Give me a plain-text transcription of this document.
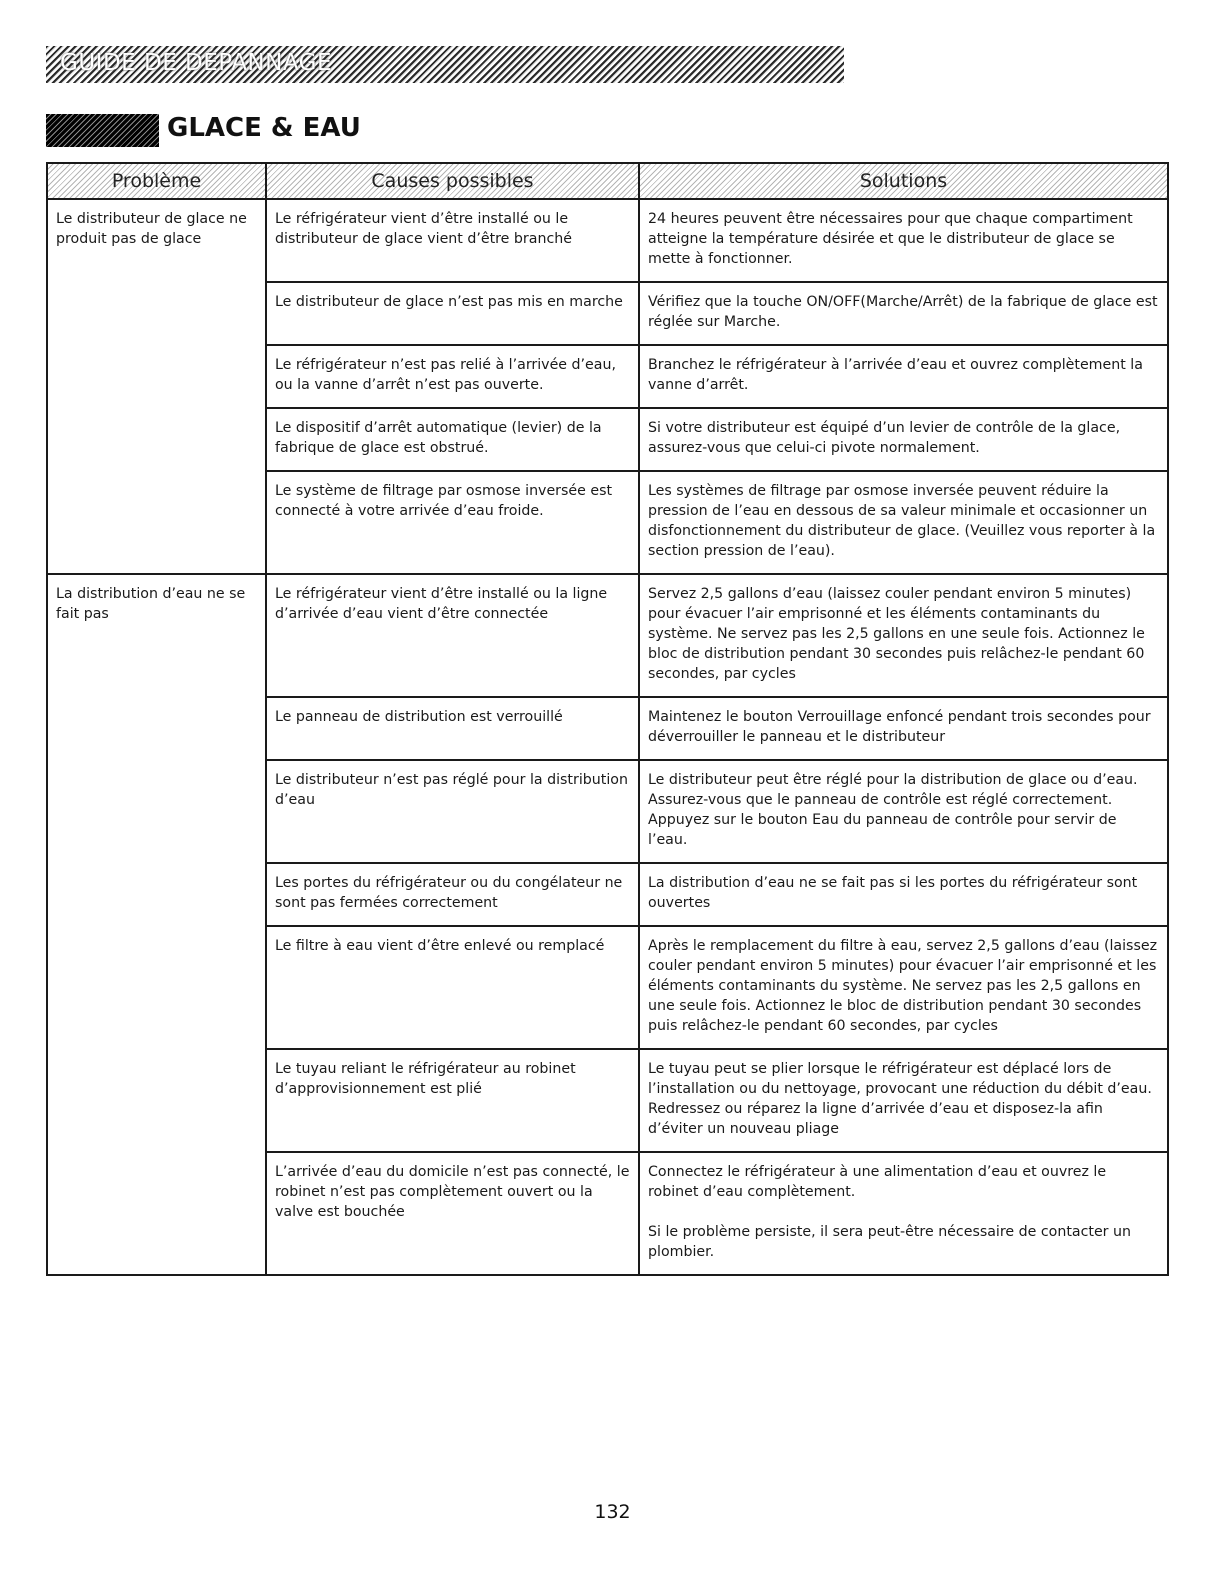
GUIDE DE DÉPANNAGE
GLACE & EAU
Problème	Causes possibles	Solutions
Le distributeur de glace ne produit pas de glace	Le réfrigérateur vient d’être installé ou le distributeur de glace vient d’être branché	24 heures peuvent être nécessaires pour que chaque compartiment atteigne la température désirée et que le distributeur de glace se mette à fonctionner.
	Le distributeur de glace n’est pas mis en marche	Vérifiez que la touche ON/OFF(Marche/Arrêt) de la fabrique de glace est réglée sur Marche.
	Le réfrigérateur n’est pas relié à l’arrivée d’eau, ou la vanne d’arrêt n’est pas ouverte.	Branchez le réfrigérateur à l’arrivée d’eau et ouvrez complètement la vanne d’arrêt.
	Le dispositif d’arrêt automatique (levier) de la fabrique de glace est obstrué.	Si votre distributeur est équipé d’un levier de contrôle de la glace, assurez-vous que celui-ci pivote normalement.
	Le système de filtrage par osmose inversée est connecté à votre arrivée d’eau froide.	Les systèmes de filtrage par osmose inversée peuvent réduire la pression de l’eau en dessous de sa valeur minimale et occasionner un disfonctionnement du distributeur de glace. (Veuillez vous reporter à la section pression de l’eau).
La distribution d’eau ne se fait pas	Le réfrigérateur vient d’être installé ou la ligne d’arrivée d’eau vient d’être connectée	Servez 2,5 gallons d’eau (laissez couler pendant environ 5 minutes) pour évacuer l’air emprisonné et les éléments contaminants du système. Ne servez pas les 2,5 gallons en une seule fois. Actionnez le bloc de distribution pendant 30 secondes puis relâchez-le pendant 60 secondes, par cycles
	Le panneau de distribution est verrouillé	Maintenez le bouton Verrouillage enfoncé pendant trois secondes pour déverrouiller le panneau et le distributeur
	Le distributeur n’est pas réglé pour la distribution d’eau	Le distributeur peut être réglé pour la distribution de glace ou d’eau. Assurez-vous que le panneau de contrôle est réglé correctement. Appuyez sur le bouton Eau du panneau de contrôle pour servir de l’eau.
	Les portes du réfrigérateur ou du congélateur ne sont pas fermées correctement	La distribution d’eau ne se fait pas si les portes du réfrigérateur sont ouvertes
	Le filtre à eau vient d’être enlevé ou remplacé	Après le remplacement du filtre à eau, servez 2,5 gallons d’eau (laissez couler pendant environ 5 minutes) pour évacuer l’air emprisonné et les éléments contaminants du système. Ne servez pas les 2,5 gallons en une seule fois. Actionnez le bloc de distribution pendant 30 secondes puis relâchez-le pendant 60 secondes, par cycles
	Le tuyau reliant le réfrigérateur au robinet d’approvisionnement est plié	Le tuyau peut se plier lorsque le réfrigérateur est déplacé lors de l’installation ou du nettoyage, provocant une réduction du débit d’eau. Redressez ou réparez la ligne d’arrivée d’eau et disposez-la afin d’éviter un nouveau pliage
	L’arrivée d’eau du domicile n’est pas connecté, le robinet n’est pas complètement ouvert ou la valve est bouchée	Connectez le réfrigérateur à une alimentation d’eau et ouvrez le robinet d’eau complètement.
Si le problème persiste, il sera peut-être nécessaire de contacter un plombier.
132
